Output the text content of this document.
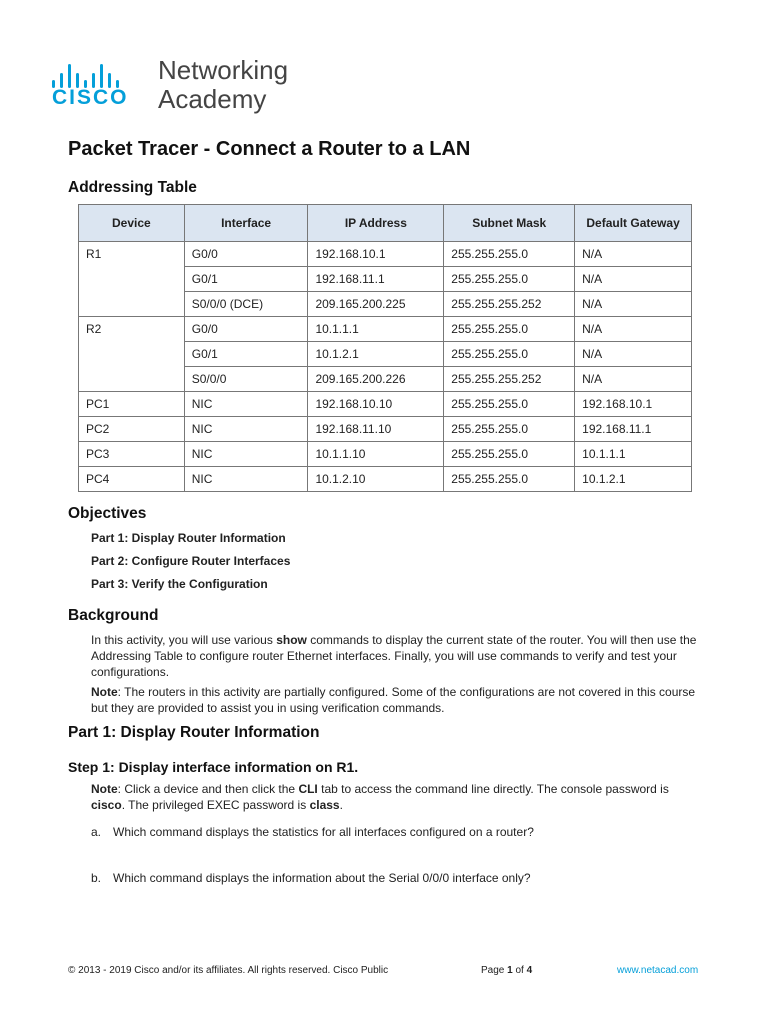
CISCO
Networking
Academy
Packet Tracer - Connect a Router to a LAN
Addressing Table
Device	Interface	IP Address	Subnet Mask	Default Gateway
R1	G0/0	192.168.10.1	255.255.255.0	N/A
	G0/1	192.168.11.1	255.255.255.0	N/A
	S0/0/0 (DCE)	209.165.200.225	255.255.255.252	N/A
R2	G0/0	10.1.1.1	255.255.255.0	N/A
	G0/1	10.1.2.1	255.255.255.0	N/A
	S0/0/0	209.165.200.226	255.255.255.252	N/A
PC1	NIC	192.168.10.10	255.255.255.0	192.168.10.1
PC2	NIC	192.168.11.10	255.255.255.0	192.168.11.1
PC3	NIC	10.1.1.10	255.255.255.0	10.1.1.1
PC4	NIC	10.1.2.10	255.255.255.0	10.1.2.1
Objectives
Part 1: Display Router Information
Part 2: Configure Router Interfaces
Part 3: Verify the Configuration
Background
In this activity, you will use various show commands to display the current state of the router. You will then use the Addressing Table to configure router Ethernet interfaces. Finally, you will use commands to verify and test your configurations.
Note: The routers in this activity are partially configured. Some of the configurations are not covered in this course but they are provided to assist you in using verification commands.
Part 1: Display Router Information
Step 1: Display interface information on R1.
Note: Click a device and then click the CLI tab to access the command line directly. The console password is cisco. The privileged EXEC password is class.
a. Which command displays the statistics for all interfaces configured on a router?
b. Which command displays the information about the Serial 0/0/0 interface only?
© 2013 - 2019 Cisco and/or its affiliates. All rights reserved. Cisco Public	Page 1 of 4	www.netacad.com
